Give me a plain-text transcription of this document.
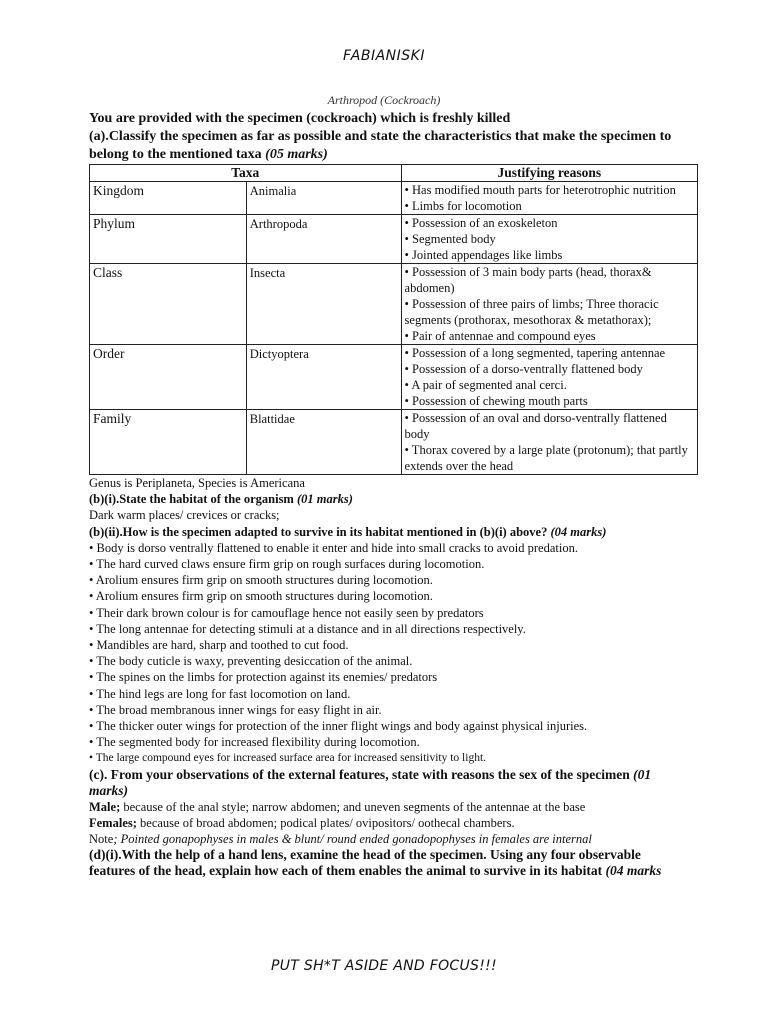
FABIANISKI
Arthropod (Cockroach)

You are provided with the specimen (cockroach) which is freshly killed

(a).Classify the specimen as far as possible and state the characteristics that make the specimen to belong to the mentioned taxa (05 marks)

Taxa		Justifying reasons
Kingdom	Animalia	• Has modified mouth parts for heterotrophic nutrition
• Limbs for locomotion

Phylum	Arthropoda	• Possession of an exoskeleton
• Segmented body
• Jointed appendages like limbs

Class	Insecta	• Possession of 3 main body parts (head, thorax& abdomen)
• Possession of three pairs of limbs; Three thoracic segments (prothorax, mesothorax & metathorax);
• Pair of antennae and compound eyes

Order	Dictyoptera	• Possession of a long segmented, tapering antennae
• Possession of a dorso-ventrally flattened body
• A pair of segmented anal cerci.
• Possession of chewing mouth parts

Family	Blattidae	• Possession of an oval and dorso-ventrally flattened body
• Thorax covered by a large plate (protonum); that partly extends over the head

Genus is Periplaneta, Species is Americana

(b)(i).State the habitat of the organism (01 marks)

Dark warm places/ crevices or cracks;

(b)(ii).How is the specimen adapted to survive in its habitat mentioned in (b)(i) above? (04 marks)

• Body is dorso ventrally flattened to enable it enter and hide into small cracks to avoid predation.

• The hard curved claws ensure firm grip on rough surfaces during locomotion.

• Arolium ensures firm grip on smooth structures during locomotion.

• Arolium ensures firm grip on smooth structures during locomotion.

• Their dark brown colour is for camouflage hence not easily seen by predators

• The long antennae for detecting stimuli at a distance and in all directions respectively.

• Mandibles are hard, sharp and toothed to cut food.

• The body cuticle is waxy, preventing desiccation of the animal.

• The spines on the limbs for protection against its enemies/ predators

• The hind legs are long for fast locomotion on land.

• The broad membranous inner wings for easy flight in air.

• The thicker outer wings for protection of the inner flight wings and body against physical injuries.

• The segmented body for increased flexibility during locomotion.

• The large compound eyes for increased surface area for increased sensitivity to light.

(c). From your observations of the external features, state with reasons the sex of the specimen (01
marks)

Male; because of the anal style; narrow abdomen; and uneven segments of the antennae at the base

Females; because of broad abdomen; podical plates/ ovipositors/ oothecal chambers.

Note; Pointed gonapophyses in males & blunt/ round ended gonadopophyses in females are internal

(d)(i).With the help of a hand lens, examine the head of the specimen. Using any four observable
features of the head, explain how each of them enables the animal to survive in its habitat (04 marks

PUT SH*T ASIDE AND FOCUS!!!
